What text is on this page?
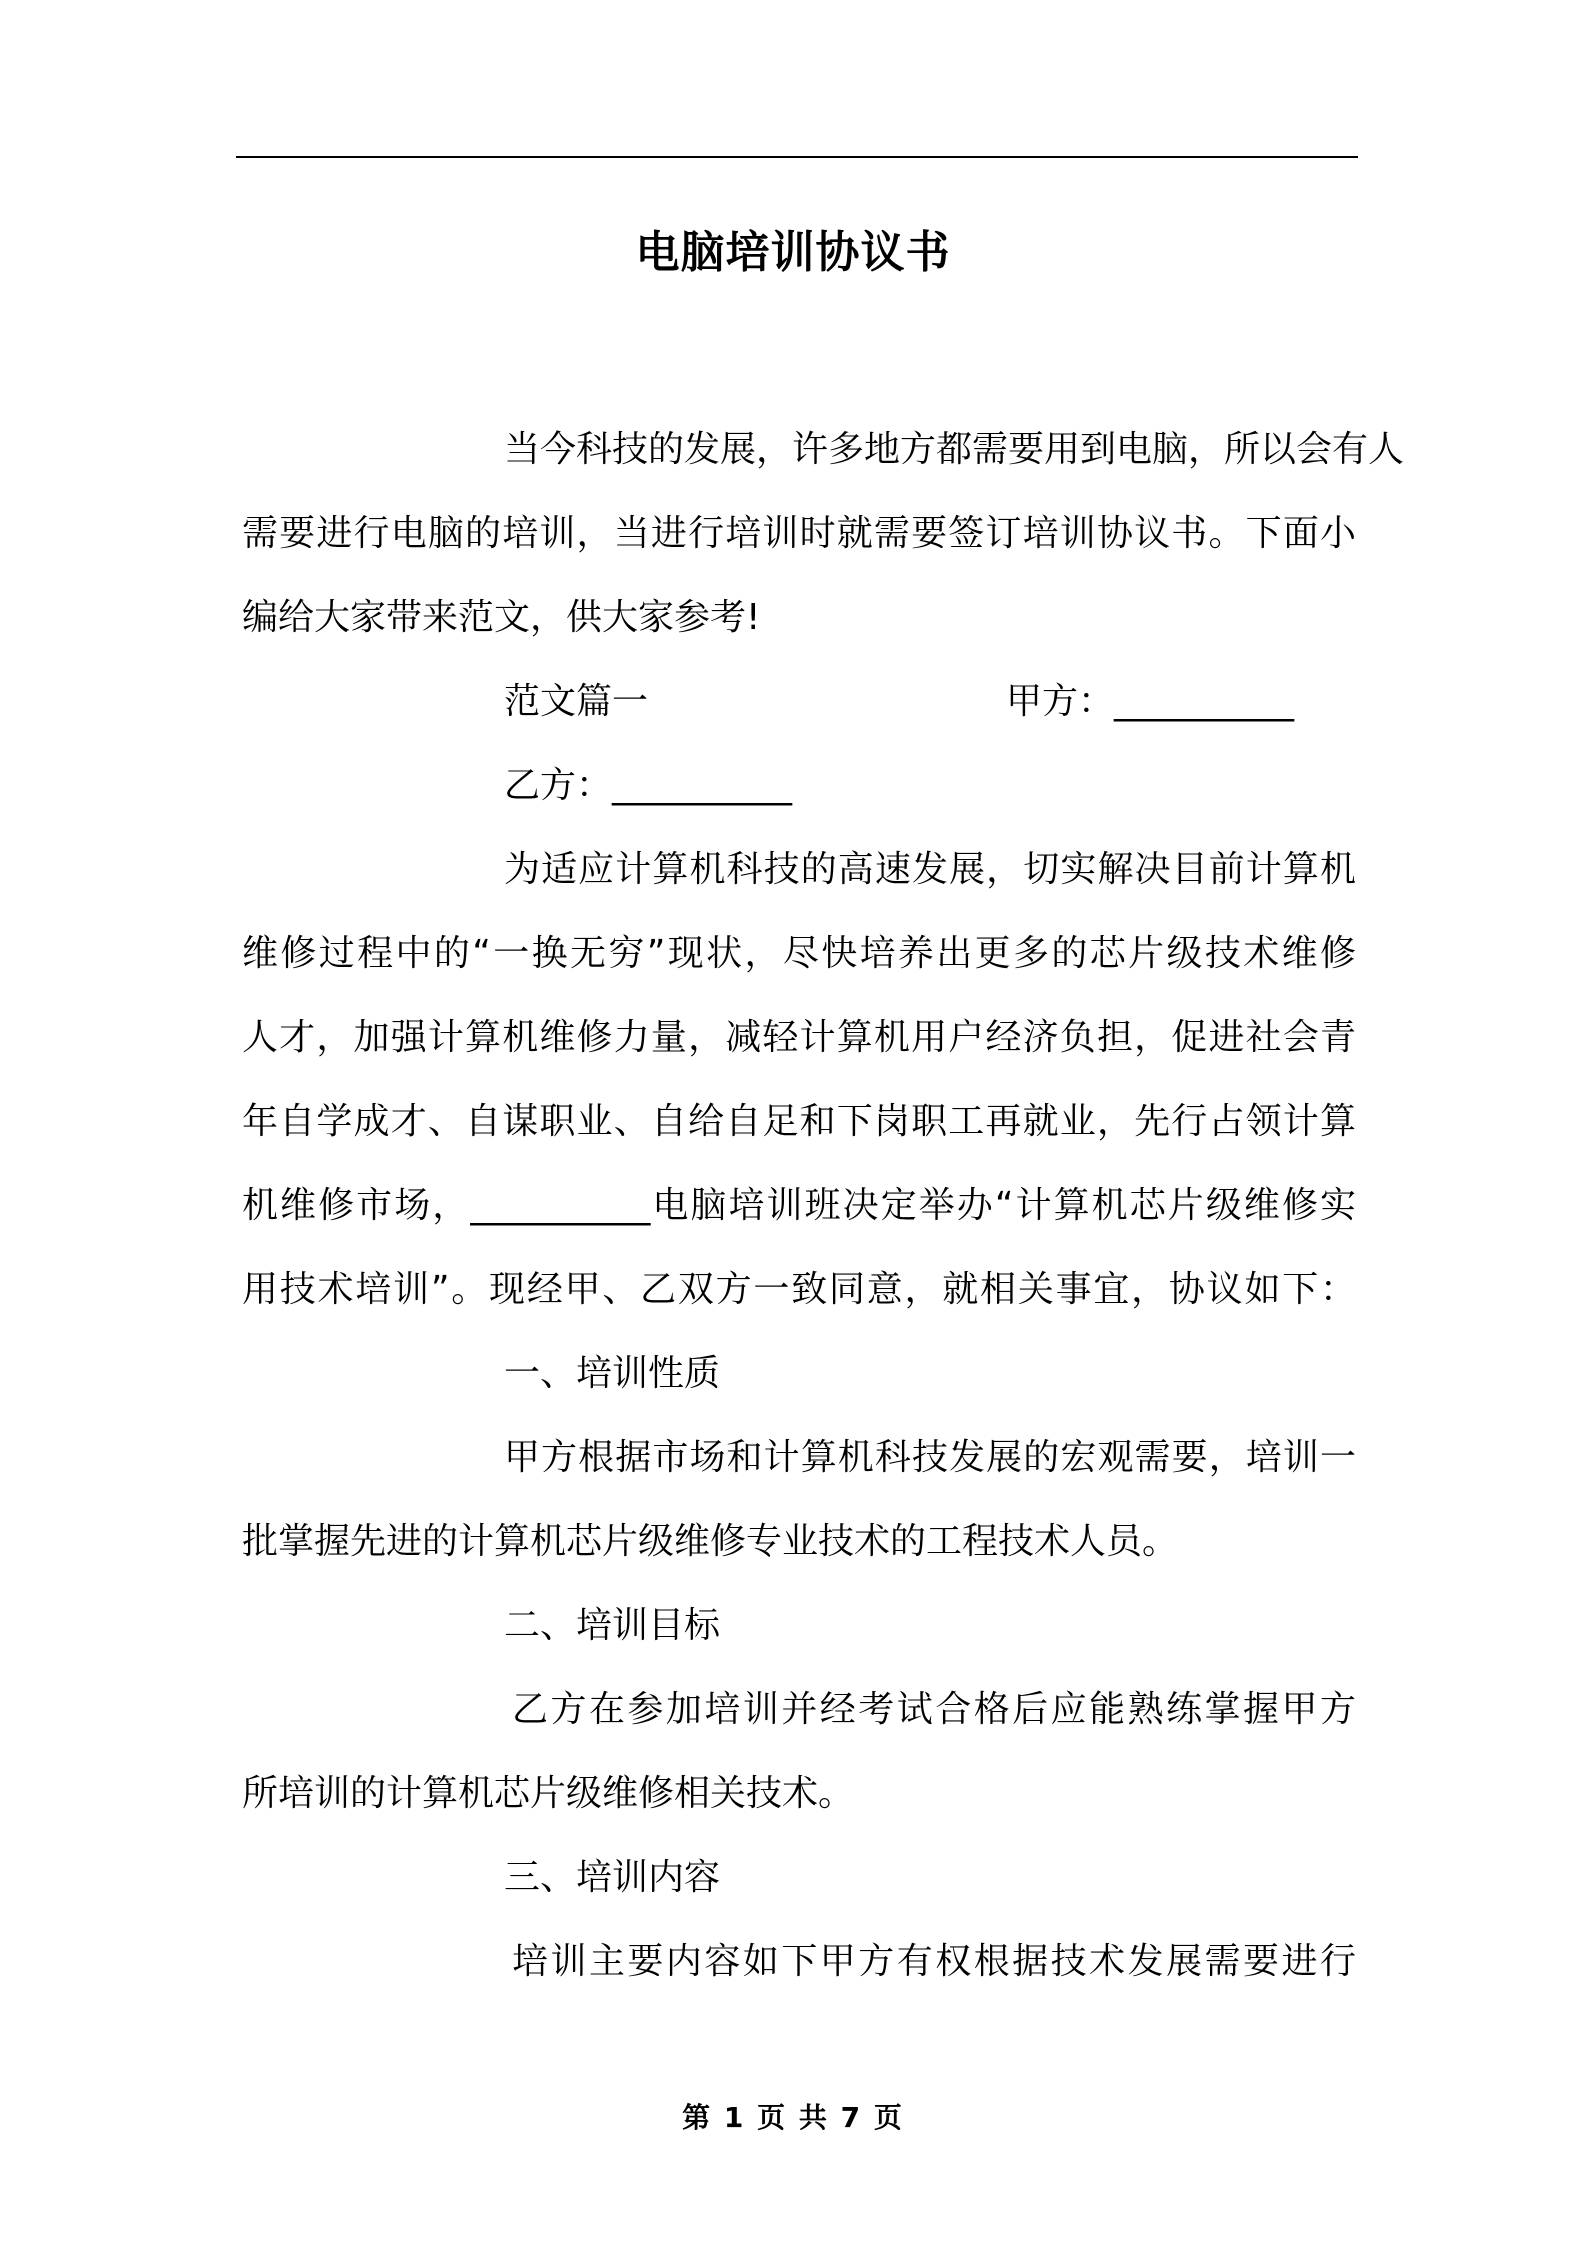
电脑培训协议书
当今科技的发展，许多地方都需要用到电脑，所以会有人
需要进行电脑的培训，当进行培训时就需要签订培训协议书。下面小
编给大家带来范文，供大家参考!
范文篇一	甲方：__________
乙方：__________
为适应计算机科技的高速发展，切实解决目前计算机
维修过程中的“一换无穷”现状，尽快培养出更多的芯片级技术维修
人才，加强计算机维修力量，减轻计算机用户经济负担，促进社会青
年自学成才、自谋职业、自给自足和下岗职工再就业，先行占领计算
机维修市场，__________电脑培训班决定举办“计算机芯片级维修实
用技术培训”。现经甲、乙双方一致同意，就相关事宜，协议如下：
一、培训性质
甲方根据市场和计算机科技发展的宏观需要，培训一
批掌握先进的计算机芯片级维修专业技术的工程技术人员。
二、培训目标
乙方在参加培训并经考试合格后应能熟练掌握甲方
所培训的计算机芯片级维修相关技术。
三、培训内容
培训主要内容如下甲方有权根据技术发展需要进行
第 1 页 共 7 页
